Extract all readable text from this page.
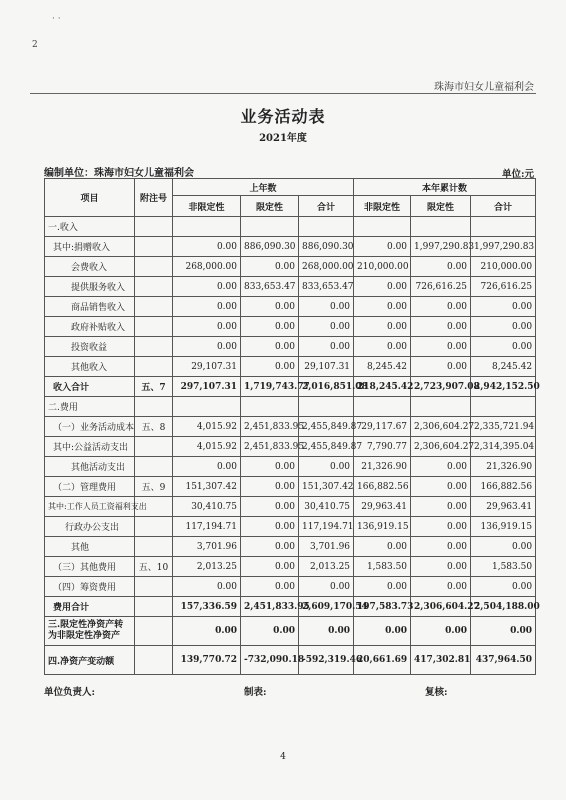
· ·
2
珠海市妇女儿童福利会
业务活动表
2021年度
编制单位：珠海市妇女儿童福利会	单位:元
项目	附注号	上年数			本年累计数		
		非限定性	限定性	合计	非限定性	限定性	合计
一.收入							
其中:捐赠收入		0.00	886,090.30	886,090.30	0.00	1,997,290.83	1,997,290.83
会费收入		268,000.00	0.00	268,000.00	210,000.00	0.00	210,000.00
提供服务收入		0.00	833,653.47	833,653.47	0.00	726,616.25	726,616.25
商品销售收入		0.00	0.00	0.00	0.00	0.00	0.00
政府补贴收入		0.00	0.00	0.00	0.00	0.00	0.00
投资收益		0.00	0.00	0.00	0.00	0.00	0.00
其他收入		29,107.31	0.00	29,107.31	8,245.42	0.00	8,245.42
收入合计	五、7	297,107.31	1,719,743.77	2,016,851.08	218,245.42	2,723,907.08	2,942,152.50
二.费用							
（一）业务活动成本	五、8	4,015.92	2,451,833.95	2,455,849.87	29,117.67	2,306,604.27	2,335,721.94
其中:公益活动支出		4,015.92	2,451,833.95	2,455,849.87	7,790.77	2,306,604.27	2,314,395.04
其他活动支出		0.00	0.00	0.00	21,326.90	0.00	21,326.90
（二）管理费用	五、9	151,307.42	0.00	151,307.42	166,882.56	0.00	166,882.56
其中:工作人员工资福利支出		30,410.75	0.00	30,410.75	29,963.41	0.00	29,963.41
行政办公支出		117,194.71	0.00	117,194.71	136,919.15	0.00	136,919.15
其他		3,701.96	0.00	3,701.96	0.00	0.00	0.00
（三）其他费用	五、10	2,013.25	0.00	2,013.25	1,583.50	0.00	1,583.50
（四）筹资费用		0.00	0.00	0.00	0.00	0.00	0.00
费用合计		157,336.59	2,451,833.95	2,609,170.54	197,583.73	2,306,604.27	2,504,188.00
三.限定性净资产转为非限定性净资产		0.00	0.00	0.00	0.00	0.00	0.00
四.净资产变动额		139,770.72	-732,090.18	-592,319.46	20,661.69	417,302.81	437,964.50
单位负责人:	制表:	复核:
4
